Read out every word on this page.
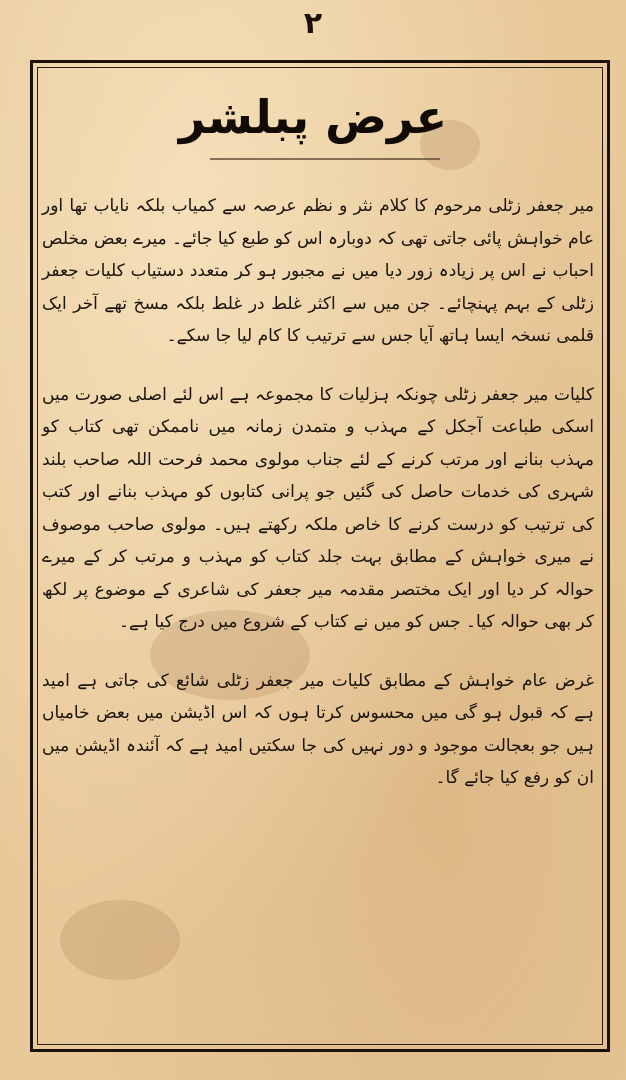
۲
عرض پبلشر

میر جعفر زٹلی مرحوم کا کلام نثر و نظم عرصہ سے کمیاب بلکہ نایاب تھا اور عام خواہش پائی جاتی تھی کہ دوبارہ اس کو طبع کیا جائے۔ میرے بعض مخلص احباب نے اس پر زیادہ زور دیا میں نے مجبور ہو کر متعدد دستیاب کلیات جعفر زٹلی کے بہم پہنچائے۔ جن میں سے اکثر غلط در غلط بلکہ مسخ تھے آخر ایک قلمی نسخہ ایسا ہاتھ آیا جس سے ترتیب کا کام لیا جا سکے۔

کلیات میر جعفر زٹلی چونکہ ہزلیات کا مجموعہ ہے اس لئے اصلی صورت میں اسکی طباعت آجکل کے مہذب و متمدن زمانہ میں ناممکن تھی کتاب کو مہذب بنانے اور مرتب کرنے کے لئے جناب مولوی محمد فرحت اللہ صاحب بلند شہری کی خدمات حاصل کی گئیں جو پرانی کتابوں کو مہذب بنانے اور کتب کی ترتیب کو درست کرنے کا خاص ملکہ رکھتے ہیں۔ مولوی صاحب موصوف نے میری خواہش کے مطابق بہت جلد کتاب کو مہذب و مرتب کر کے میرے حوالہ کر دیا اور ایک مختصر مقدمہ میر جعفر کی شاعری کے موضوع پر لکھ کر بھی حوالہ کیا۔ جس کو میں نے کتاب کے شروع میں درج کیا ہے۔

غرض عام خواہش کے مطابق کلیات میر جعفر زٹلی شائع کی جاتی ہے امید ہے کہ قبول ہو گی میں محسوس کرتا ہوں کہ اس اڈیشن میں بعض خامیاں ہیں جو بعجالت موجود و دور نہیں کی جا سکتیں امید ہے کہ آئندہ اڈیشن میں ان کو رفع کیا جائے گا۔
